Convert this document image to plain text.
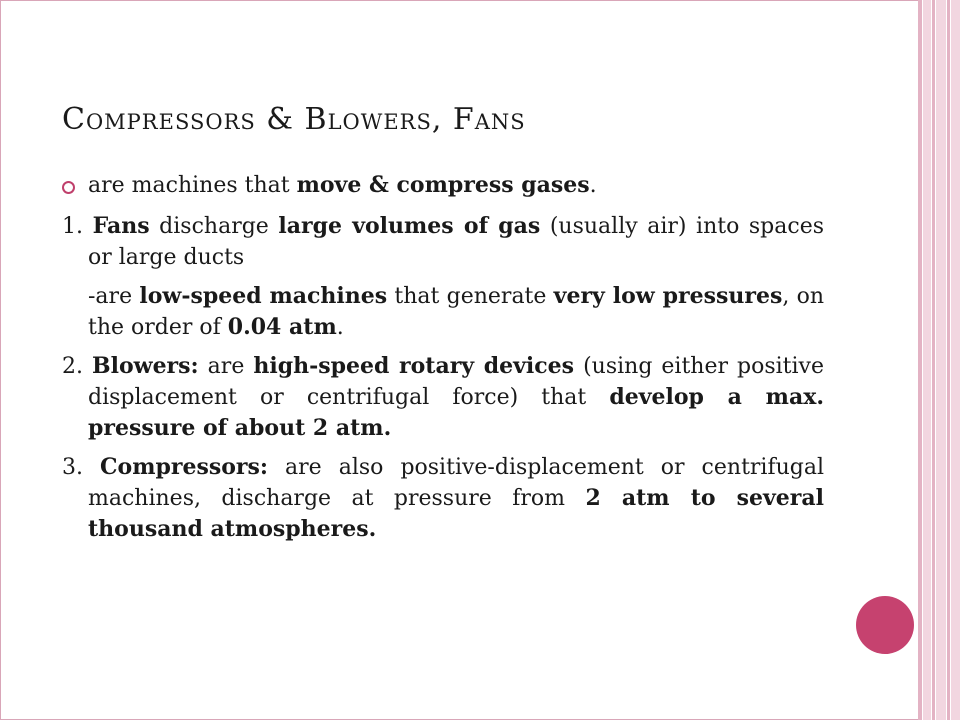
Compressors & Blowers, Fans
are machines that move & compress gases.

1. Fans discharge large volumes of gas (usually air) into spaces or large ducts

-are low-speed machines that generate very low pressures, on the order of 0.04 atm.

2. Blowers: are high-speed rotary devices (using either positive displacement or centrifugal force) that develop a max. pressure of about 2 atm.

3. Compressors: are also positive-displacement or centrifugal machines, discharge at pressure from 2 atm to several thousand atmospheres.
